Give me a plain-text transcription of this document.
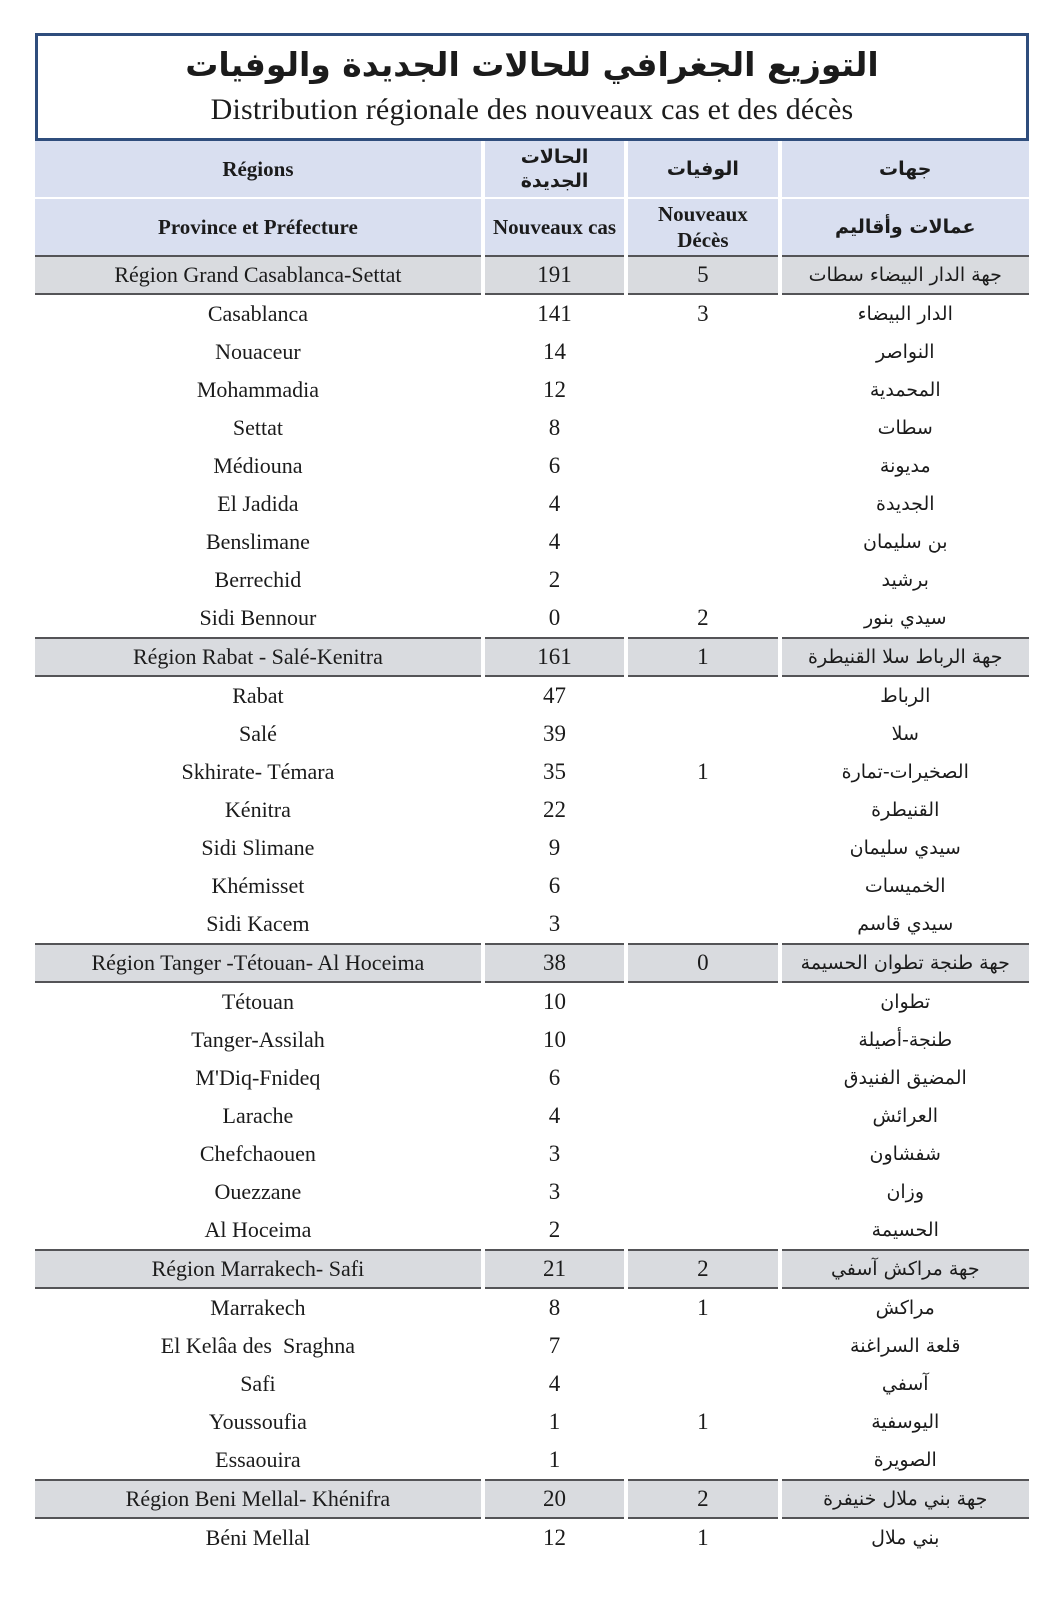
التوزيع الجغرافي للحالات الجديدة والوفيات
Distribution régionale des nouveaux cas et des décès
Régions	الحالات الجديدة	الوفيات	جهات
Province et Préfecture	Nouveaux cas	Nouveaux Décès	عمالات وأقاليم
Région Grand Casablanca-Settat	191	5	جهة الدار البيضاء سطات
Casablanca	141	3	الدار البيضاء
Nouaceur	14		النواصر
Mohammadia	12		المحمدية
Settat	8		سطات
Médiouna	6		مديونة
El Jadida	4		الجديدة
Benslimane	4		بن سليمان
Berrechid	2		برشيد
Sidi Bennour	0	2	سيدي بنور
Région Rabat - Salé-Kenitra	161	1	جهة الرباط سلا القنيطرة
Rabat	47		الرباط
Salé	39		سلا
Skhirate- Témara	35	1	الصخيرات-تمارة
Kénitra	22		القنيطرة
Sidi Slimane	9		سيدي سليمان
Khémisset	6		الخميسات
Sidi Kacem	3		سيدي قاسم
Région Tanger -Tétouan- Al Hoceima	38	0	جهة طنجة تطوان الحسيمة
Tétouan	10		تطوان
Tanger-Assilah	10		طنجة-أصيلة
M'Diq-Fnideq	6		المضيق الفنيدق
Larache	4		العرائش
Chefchaouen	3		شفشاون
Ouezzane	3		وزان
Al Hoceima	2		الحسيمة
Région Marrakech- Safi	21	2	جهة مراكش آسفي
Marrakech	8	1	مراكش
El Kelâa des  Sraghna	7		قلعة السراغنة
Safi	4		آسفي
Youssoufia	1	1	اليوسفية
Essaouira	1		الصويرة
Région Beni Mellal- Khénifra	20	2	جهة بني ملال خنيفرة
Béni Mellal	12	1	بني ملال
